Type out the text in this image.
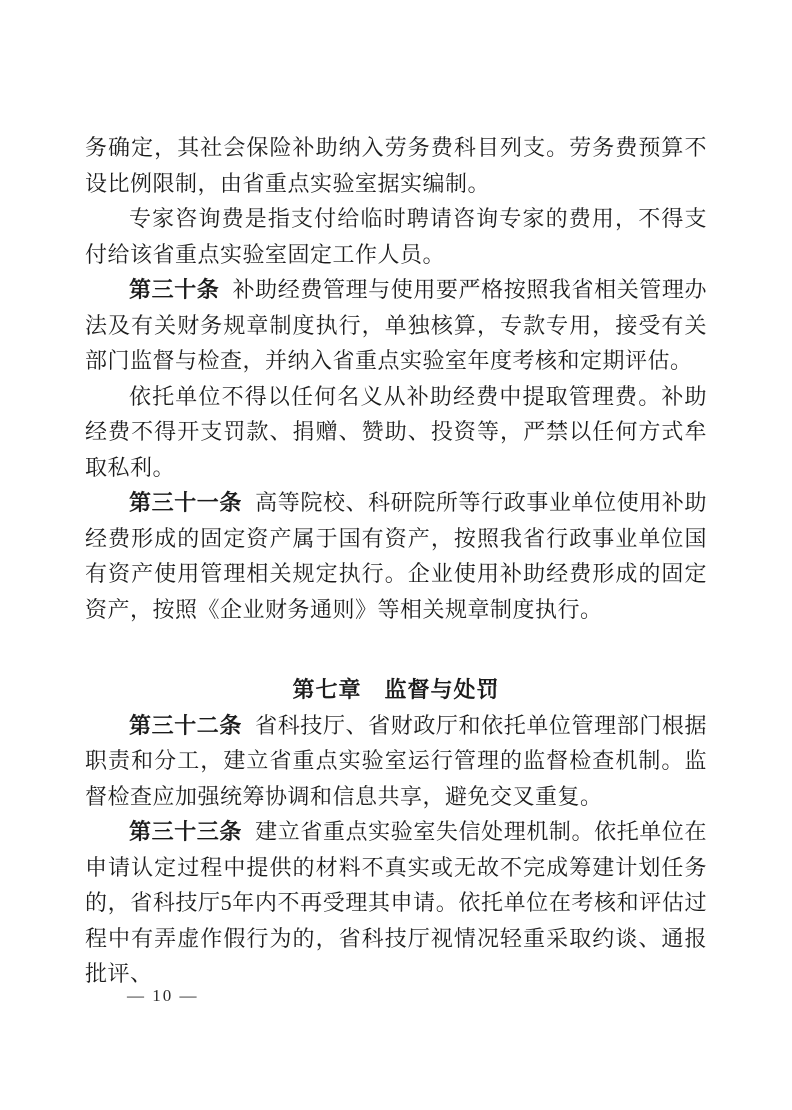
务确定，其社会保险补助纳入劳务费科目列支。劳务费预算不设比例限制，由省重点实验室据实编制。

专家咨询费是指支付给临时聘请咨询专家的费用，不得支付给该省重点实验室固定工作人员。

第三十条 补助经费管理与使用要严格按照我省相关管理办法及有关财务规章制度执行，单独核算，专款专用，接受有关部门监督与检查，并纳入省重点实验室年度考核和定期评估。

依托单位不得以任何名义从补助经费中提取管理费。补助经费不得开支罚款、捐赠、赞助、投资等，严禁以任何方式牟取私利。

第三十一条 高等院校、科研院所等行政事业单位使用补助经费形成的固定资产属于国有资产，按照我省行政事业单位国有资产使用管理相关规定执行。企业使用补助经费形成的固定资产，按照《企业财务通则》等相关规章制度执行。

第七章　监督与处罚

第三十二条 省科技厅、省财政厅和依托单位管理部门根据职责和分工，建立省重点实验室运行管理的监督检查机制。监督检查应加强统筹协调和信息共享，避免交叉重复。

第三十三条 建立省重点实验室失信处理机制。依托单位在申请认定过程中提供的材料不真实或无故不完成筹建计划任务的，省科技厅5年内不再受理其申请。依托单位在考核和评估过程中有弄虚作假行为的，省科技厅视情况轻重采取约谈、通报批评、

— 10 —
